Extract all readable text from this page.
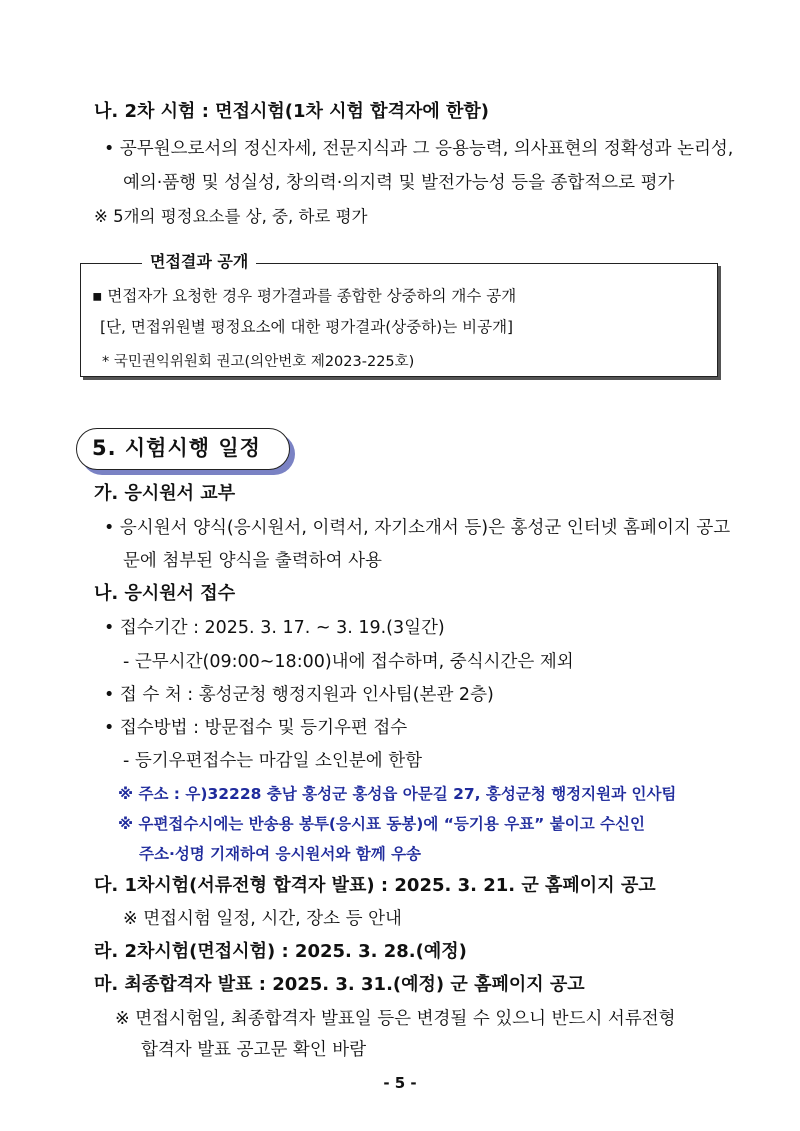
나. 2차 시험 : 면접시험(1차 시험 합격자에 한함)
• 공무원으로서의 정신자세, 전문지식과 그 응용능력, 의사표현의 정확성과 논리성,
예의·품행 및 성실성, 창의력·의지력 및 발전가능성 등을 종합적으로 평가
※ 5개의 평정요소를 상, 중, 하로 평가
면접결과 공개
▪ 면접자가 요청한 경우 평가결과를 종합한 상중하의 개수 공개
[단, 면접위원별 평정요소에 대한 평가결과(상중하)는 비공개]
* 국민권익위원회 권고(의안번호 제2023-225호)
5. 시험시행 일정
가. 응시원서 교부
• 응시원서 양식(응시원서, 이력서, 자기소개서 등)은 홍성군 인터넷 홈페이지 공고
문에 첨부된 양식을 출력하여 사용
나. 응시원서 접수
• 접수기간 : 2025. 3. 17. ~ 3. 19.(3일간)
- 근무시간(09:00~18:00)내에 접수하며, 중식시간은 제외
• 접 수 처 : 홍성군청 행정지원과 인사팀(본관 2층)
• 접수방법 : 방문접수 및 등기우편 접수
- 등기우편접수는 마감일 소인분에 한함
※ 주소 : 우)32228 충남 홍성군 홍성읍 아문길 27, 홍성군청 행정지원과 인사팀
※ 우편접수시에는 반송용 봉투(응시표 동봉)에 “등기용 우표” 붙이고 수신인
주소·성명 기재하여 응시원서와 함께 우송
다. 1차시험(서류전형 합격자 발표) : 2025. 3. 21. 군 홈페이지 공고
※ 면접시험 일정, 시간, 장소 등 안내
라. 2차시험(면접시험) : 2025. 3. 28.(예정)
마. 최종합격자 발표 : 2025. 3. 31.(예정) 군 홈페이지 공고
※ 면접시험일, 최종합격자 발표일 등은 변경될 수 있으니 반드시 서류전형
합격자 발표 공고문 확인 바람
- 5 -
